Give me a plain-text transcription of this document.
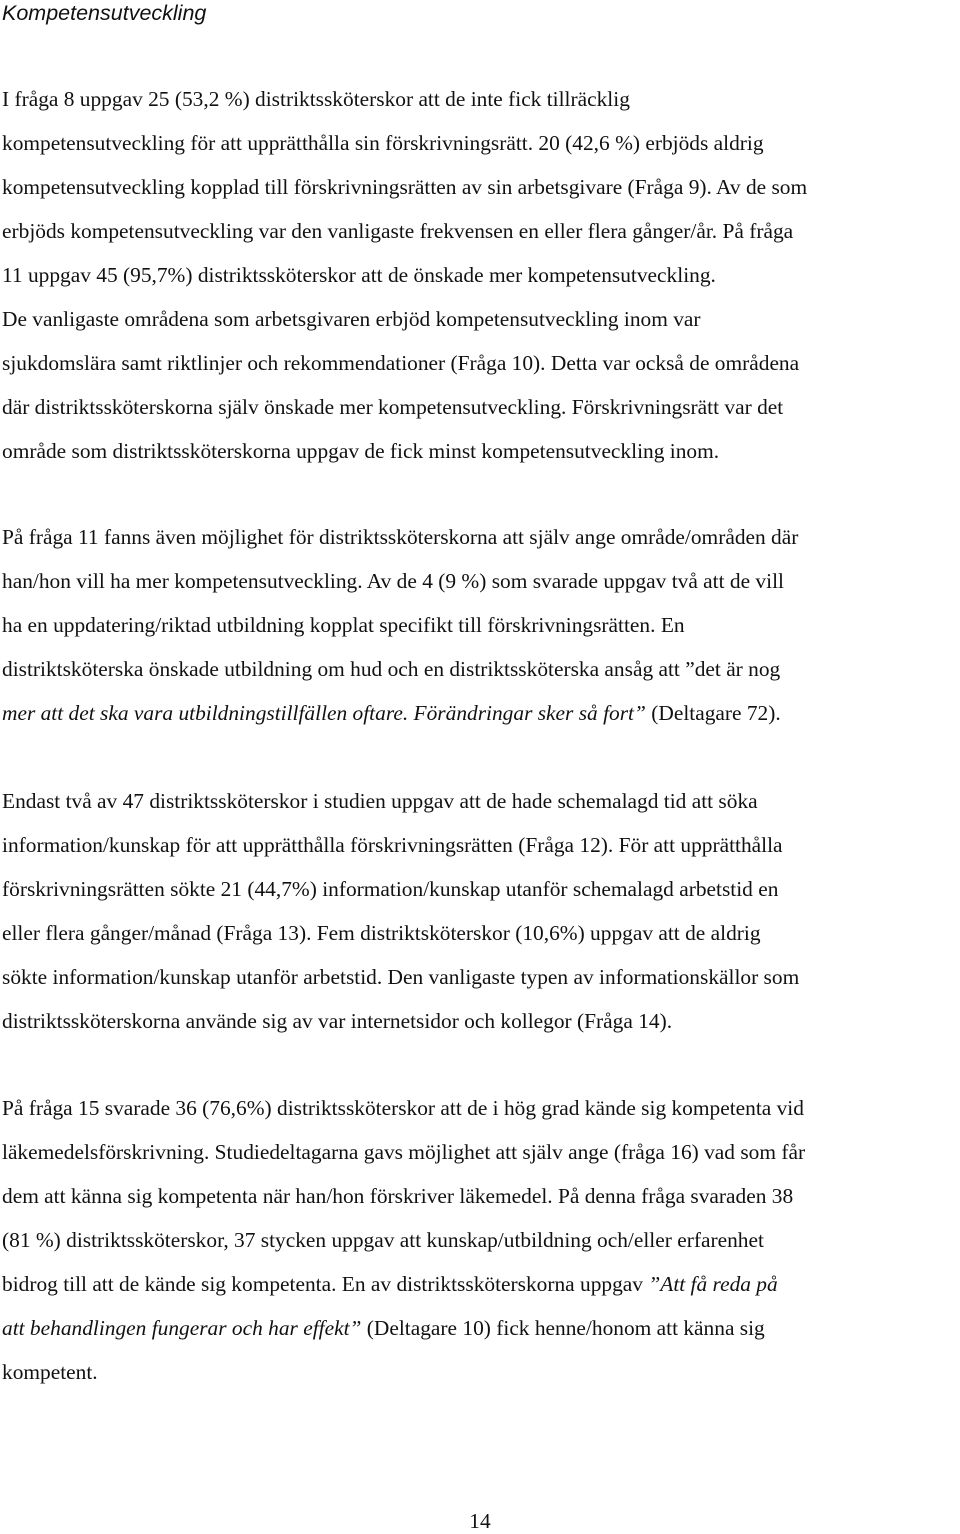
Kompetensutveckling

I fråga 8 uppgav 25 (53,2 %) distriktssköterskor att de inte fick tillräcklig
kompetensutveckling för att upprätthålla sin förskrivningsrätt. 20 (42,6 %) erbjöds aldrig
kompetensutveckling kopplad till förskrivningsrätten av sin arbetsgivare (Fråga 9). Av de som
erbjöds kompetensutveckling var den vanligaste frekvensen en eller flera gånger/år. På fråga
11 uppgav 45 (95,7%) distriktssköterskor att de önskade mer kompetensutveckling.
De vanligaste områdena som arbetsgivaren erbjöd kompetensutveckling inom var
sjukdomslära samt riktlinjer och rekommendationer (Fråga 10). Detta var också de områdena
där distriktssköterskorna själv önskade mer kompetensutveckling. Förskrivningsrätt var det
område som distriktssköterskorna uppgav de fick minst kompetensutveckling inom.

På fråga 11 fanns även möjlighet för distriktssköterskorna att själv ange område/områden där
han/hon vill ha mer kompetensutveckling. Av de 4 (9 %) som svarade uppgav två att de vill
ha en uppdatering/riktad utbildning kopplat specifikt till förskrivningsrätten. En
distriktsköterska önskade utbildning om hud och en distriktssköterska ansåg att ”det är nog
mer att det ska vara utbildningstillfällen oftare. Förändringar sker så fort” (Deltagare 72).

Endast två av 47 distriktssköterskor i studien uppgav att de hade schemalagd tid att söka
information/kunskap för att upprätthålla förskrivningsrätten (Fråga 12). För att upprätthålla
förskrivningsrätten sökte 21 (44,7%) information/kunskap utanför schemalagd arbetstid en
eller flera gånger/månad (Fråga 13). Fem distriktsköterskor (10,6%) uppgav att de aldrig
sökte information/kunskap utanför arbetstid. Den vanligaste typen av informationskällor som
distriktssköterskorna använde sig av var internetsidor och kollegor (Fråga 14).

På fråga 15 svarade 36 (76,6%) distriktssköterskor att de i hög grad kände sig kompetenta vid
läkemedelsförskrivning. Studiedeltagarna gavs möjlighet att själv ange (fråga 16) vad som får
dem att känna sig kompetenta när han/hon förskriver läkemedel. På denna fråga svaraden 38
(81 %) distriktssköterskor, 37 stycken uppgav att kunskap/utbildning och/eller erfarenhet
bidrog till att de kände sig kompetenta. En av distriktssköterskorna uppgav ”Att få reda på
att behandlingen fungerar och har effekt” (Deltagare 10) fick henne/honom att känna sig
kompetent.

14
